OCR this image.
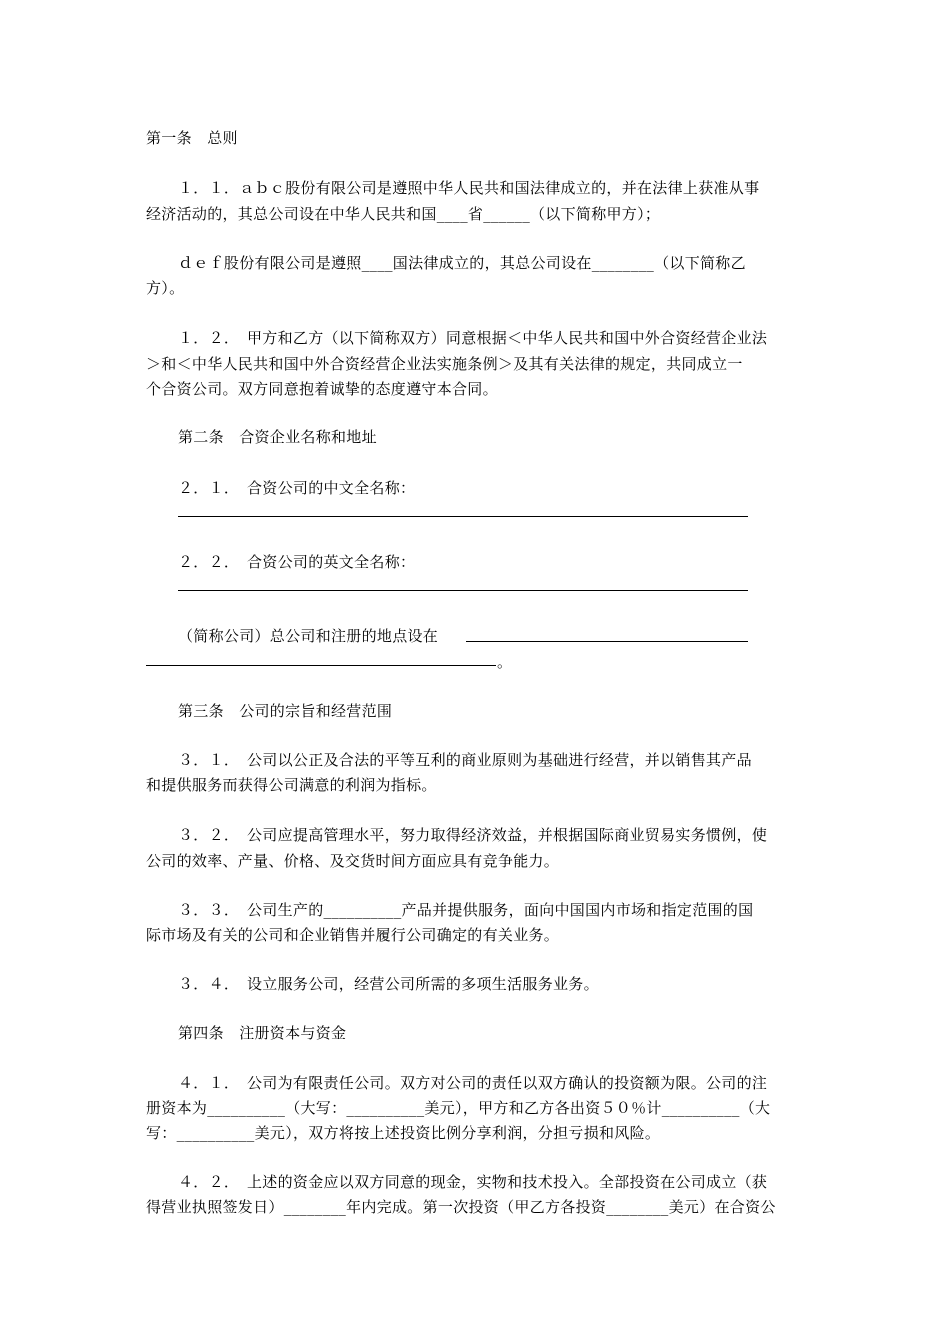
第一条　总则
１．１．ａｂｃ股份有限公司是遵照中华人民共和国法律成立的，并在法律上获准从事
经济活动的，其总公司设在中华人民共和国____省______（以下简称甲方）；
ｄｅｆ股份有限公司是遵照____国法律成立的，其总公司设在________（以下简称乙
方）。
１．２．　甲方和乙方（以下简称双方）同意根据＜中华人民共和国中外合资经营企业法
＞和＜中华人民共和国中外合资经营企业法实施条例＞及其有关法律的规定，共同成立一
个合资公司。双方同意抱着诚挚的态度遵守本合同。
第二条　合资企业名称和地址
２．１．　合资公司的中文全名称：
２．２．　合资公司的英文全名称：
（简称公司）总公司和注册的地点设在
。
第三条　公司的宗旨和经营范围
３．１．　公司以公正及合法的平等互利的商业原则为基础进行经营，并以销售其产品
和提供服务而获得公司满意的利润为指标。
３．２．　公司应提高管理水平，努力取得经济效益，并根据国际商业贸易实务惯例，使
公司的效率、产量、价格、及交货时间方面应具有竞争能力。
３．３．　公司生产的__________产品并提供服务，面向中国国内市场和指定范围的国
际市场及有关的公司和企业销售并履行公司确定的有关业务。
３．４．　设立服务公司，经营公司所需的多项生活服务业务。
第四条　注册资本与资金
４．１．　公司为有限责任公司。双方对公司的责任以双方确认的投资额为限。公司的注
册资本为__________（大写：__________美元），甲方和乙方各出资５０％计__________（大
写：__________美元），双方将按上述投资比例分享利润，分担亏损和风险。
４．２．　上述的资金应以双方同意的现金，实物和技术投入。全部投资在公司成立（获
得营业执照签发日）________年内完成。第一次投资（甲乙方各投资________美元）在合资公
